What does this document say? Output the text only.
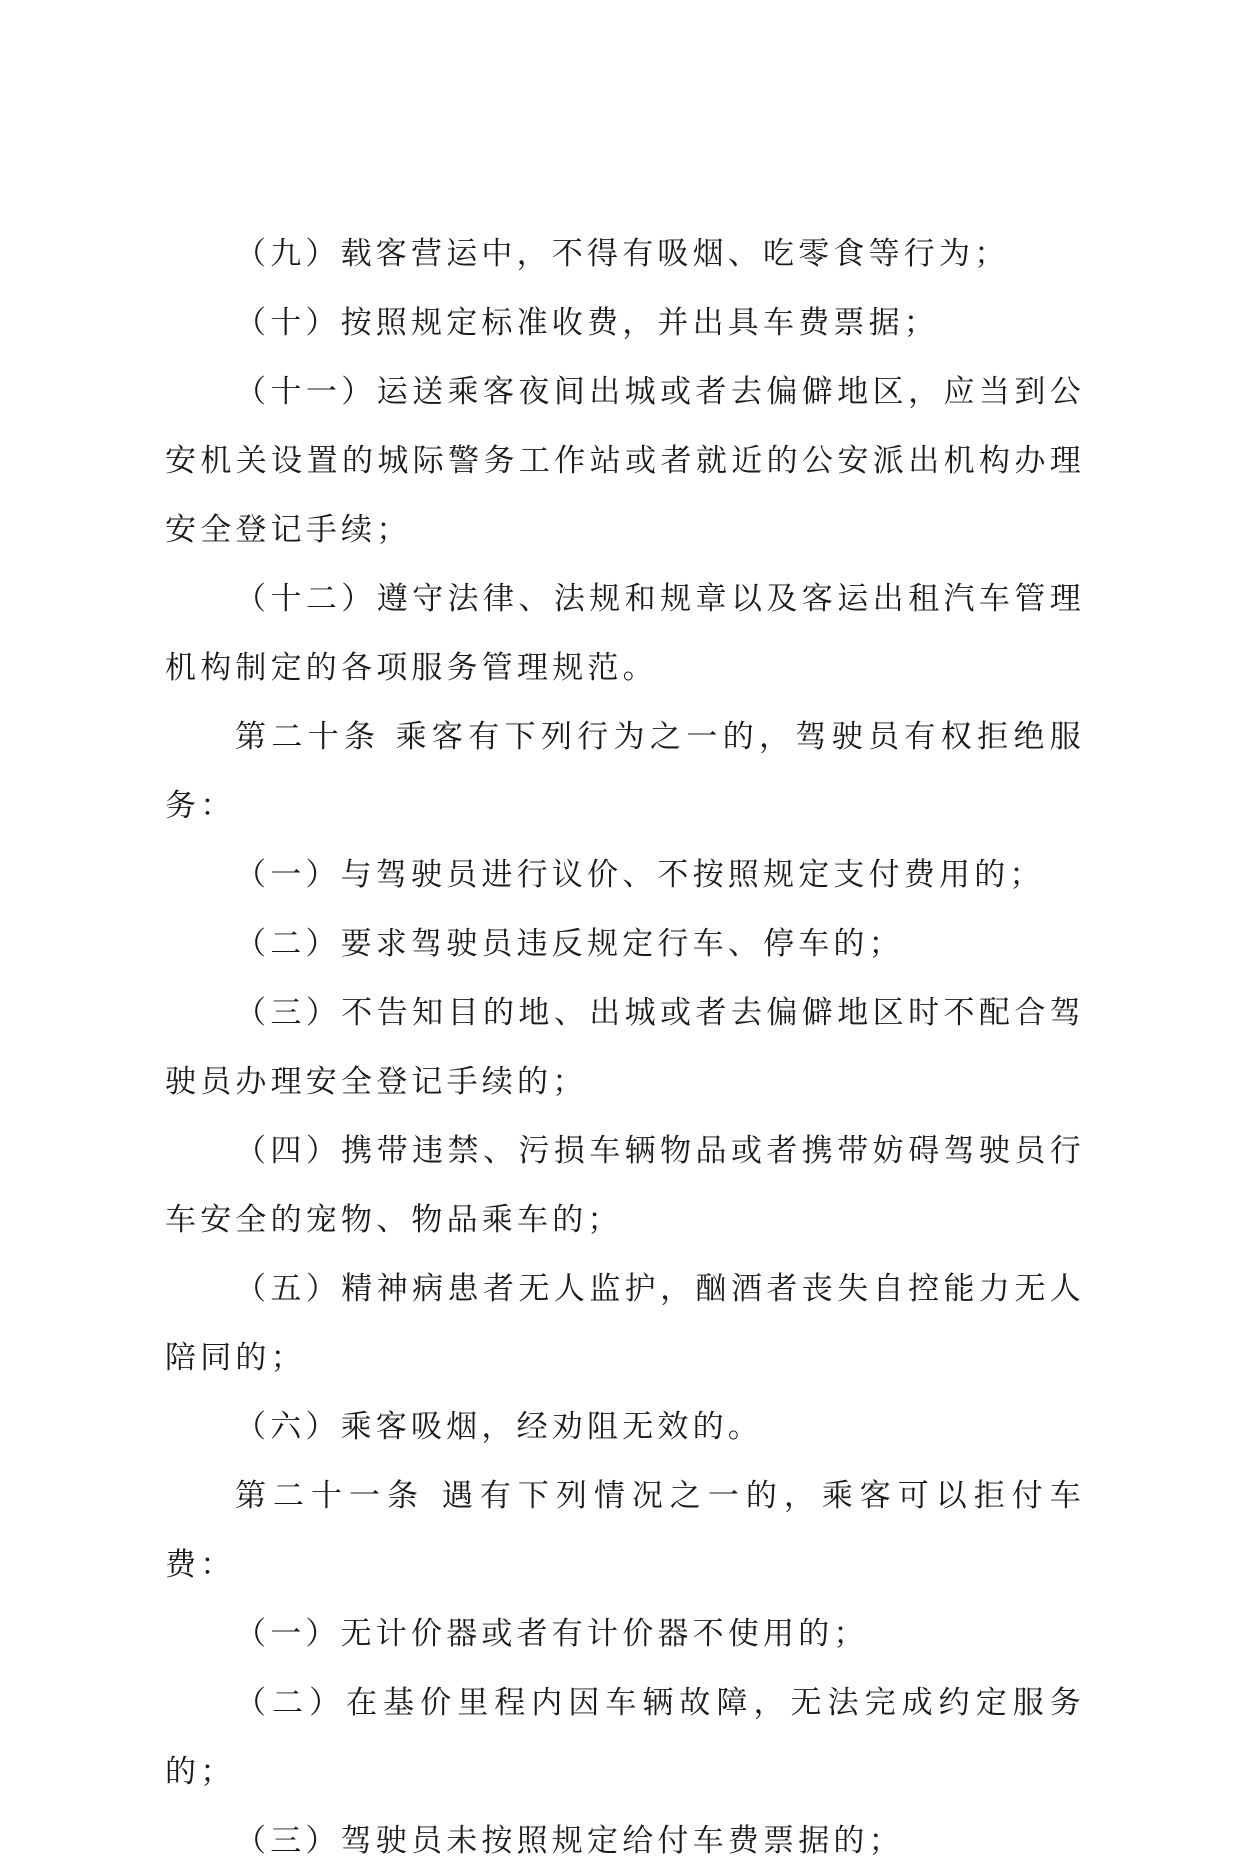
（九）载客营运中，不得有吸烟、吃零食等行为；

（十）按照规定标准收费，并出具车费票据；

（十一）运送乘客夜间出城或者去偏僻地区，应当到公安机关设置的城际警务工作站或者就近的公安派出机构办理安全登记手续；

（十二）遵守法律、法规和规章以及客运出租汽车管理机构制定的各项服务管理规范。

第二十条 乘客有下列行为之一的，驾驶员有权拒绝服务：

（一）与驾驶员进行议价、不按照规定支付费用的；

（二）要求驾驶员违反规定行车、停车的；

（三）不告知目的地、出城或者去偏僻地区时不配合驾驶员办理安全登记手续的；

（四）携带违禁、污损车辆物品或者携带妨碍驾驶员行车安全的宠物、物品乘车的；

（五）精神病患者无人监护，酗酒者丧失自控能力无人陪同的；

（六）乘客吸烟，经劝阻无效的。

第二十一条 遇有下列情况之一的，乘客可以拒付车费：

（一）无计价器或者有计价器不使用的；

（二）在基价里程内因车辆故障，无法完成约定服务的；

（三）驾驶员未按照规定给付车费票据的；
